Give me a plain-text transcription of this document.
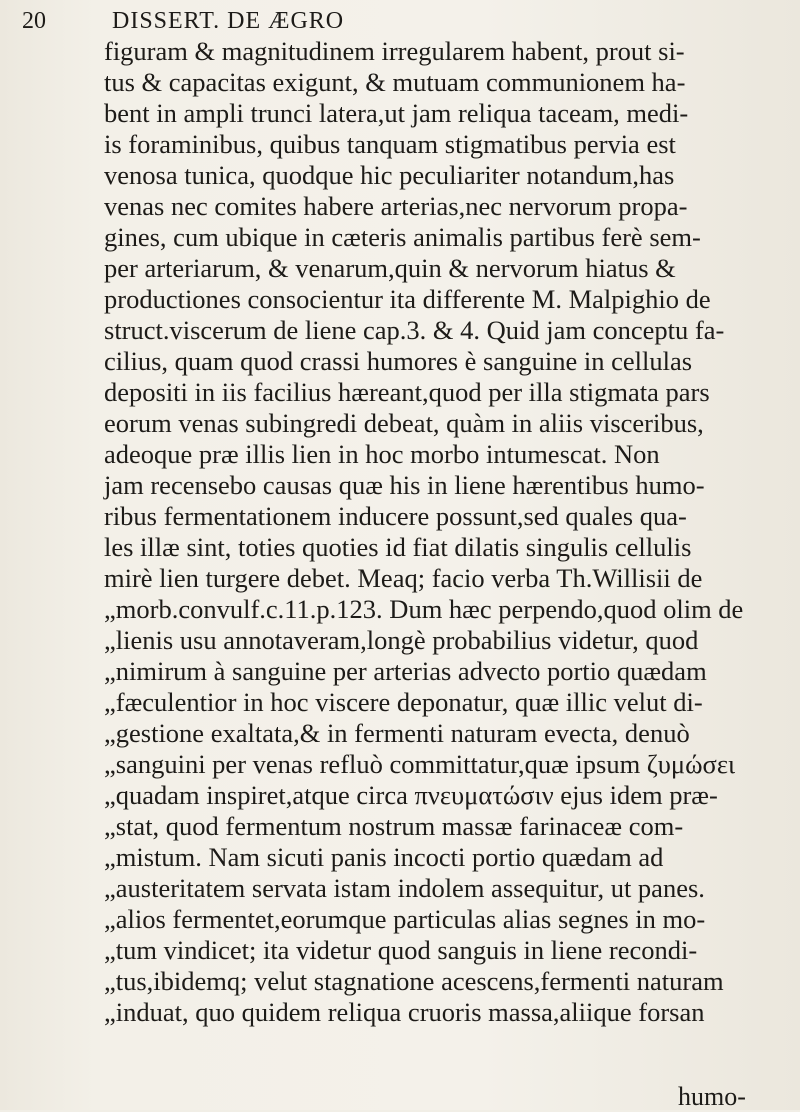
20	DISSERT. DE ÆGRO
figuram & magnitudinem irregularem habent, prout si-
tus & capacitas exigunt, & mutuam communionem ha-
bent in ampli trunci latera,ut jam reliqua taceam, medi-
is foraminibus, quibus tanquam stigmatibus pervia est
venosa tunica, quodque hic peculiariter notandum,has
venas nec comites habere arterias,nec nervorum propa-
gines, cum ubique in cæteris animalis partibus ferè sem-
per arteriarum, & venarum,quin & nervorum hiatus &
productiones consocientur ita differente M. Malpighio de
struct.viscerum de liene cap.3. & 4. Quid jam conceptu fa-
cilius, quam quod crassi humores è sanguine in cellulas
depositi in iis facilius hæreant,quod per illa stigmata pars
eorum venas subingredi debeat, quàm in aliis visceribus,
adeoque præ illis lien in hoc morbo intumescat. Non
jam recensebo causas quæ his in liene hærentibus humo-
ribus fermentationem inducere possunt,sed quales qua-
les illæ sint, toties quoties id fiat dilatis singulis cellulis
mirè lien turgere debet. Meaq; facio verba Th.Willisii de
„morb.convulf.c.11.p.123. Dum hæc perpendo,quod olim de
„lienis usu annotaveram,longè probabilius videtur, quod
„nimirum à sanguine per arterias advecto portio quædam
„fæculentior in hoc viscere deponatur, quæ illic velut di-
„gestione exaltata,& in fermenti naturam evecta, denuò
„sanguini per venas refluò committatur,quæ ipsum ζυμώσει
„quadam inspiret,atque circa πνευματώσιν ejus idem præ-
„stat, quod fermentum nostrum massæ farinaceæ com-
„mistum. Nam sicuti panis incocti portio quædam ad
„austeritatem servata istam indolem assequitur, ut panes.
„alios fermentet,eorumque particulas alias segnes in mo-
„tum vindicet; ita videtur quod sanguis in liene recondi-
„tus,ibidemq; velut stagnatione acescens,fermenti naturam
„induat, quo quidem reliqua cruoris massa,aliique forsan
humo-
